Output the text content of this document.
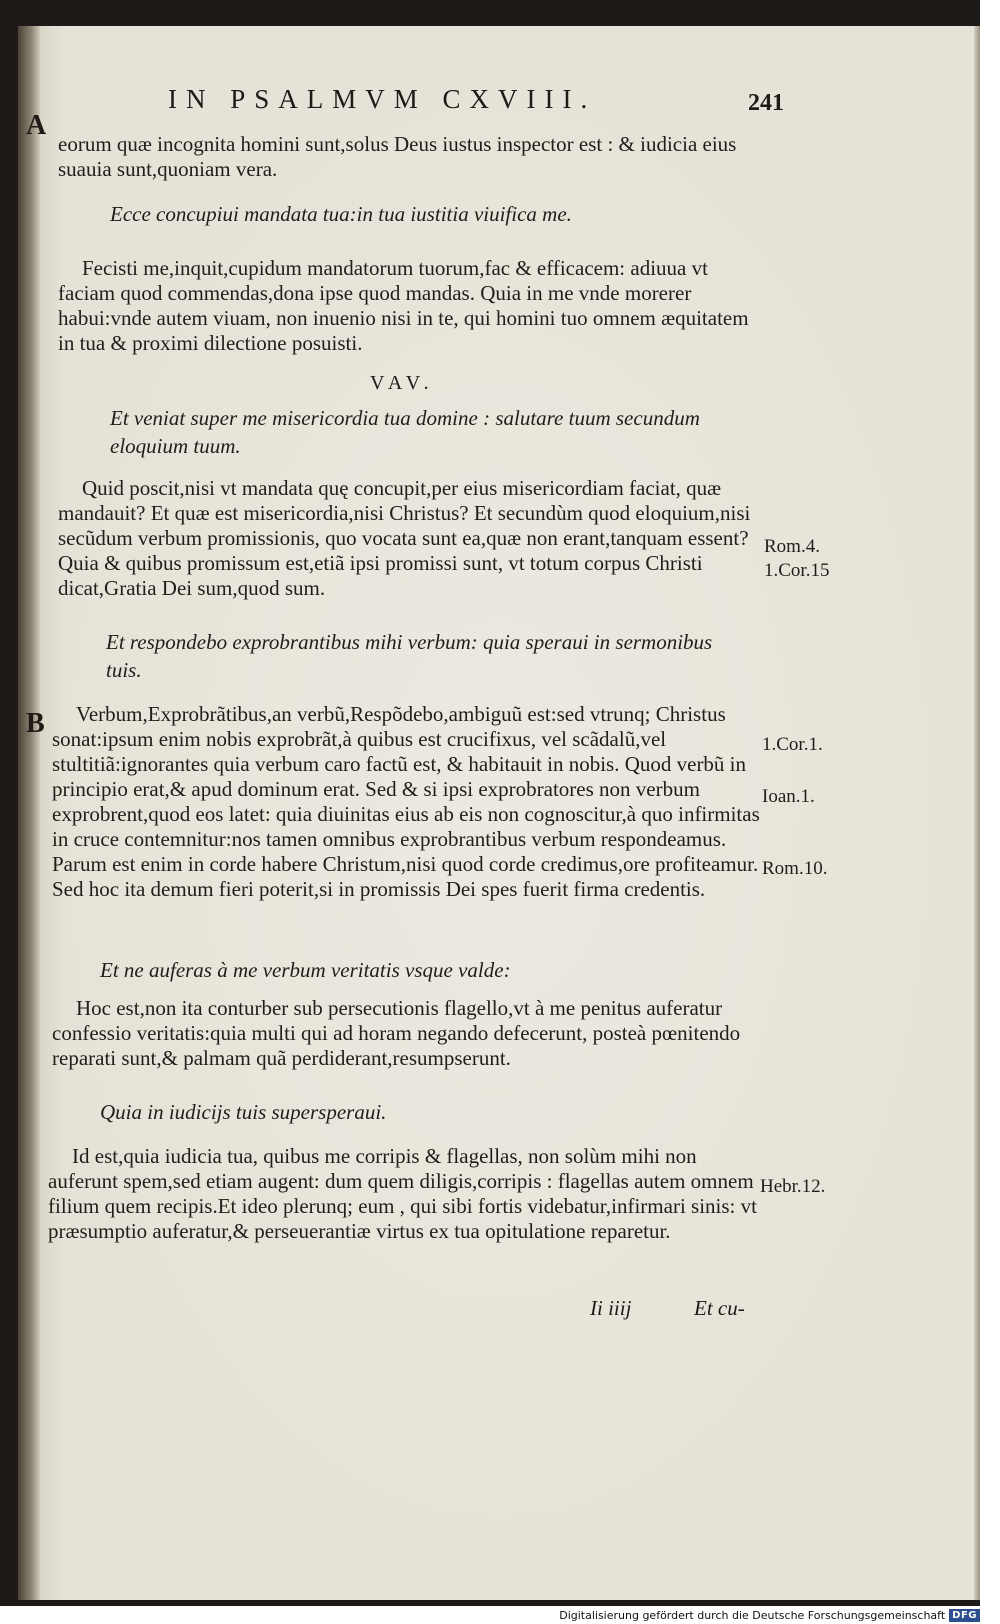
IN PSALMVM CXVIII.	241
A
B
eorum quæ incognita homini sunt,solus Deus iustus inspector est : & iudicia eius suauia sunt,quoniam vera.
Ecce concupiui mandata tua:in tua iustitia viuifica me.
Fecisti me,inquit,cupidum mandatorum tuorum,fac & efficacem: adiuua vt faciam quod commendas,dona ipse quod mandas. Quia in me vnde morerer habui:vnde autem viuam, non inuenio nisi in te, qui homini tuo omnem æquitatem in tua & proximi dilectione posuisti.
VAV.
Et veniat super me misericordia tua domine : salutare tuum secundum eloquium tuum.
Quid poscit,nisi vt mandata quę concupit,per eius misericordiam faciat, quæ mandauit? Et quæ est misericordia,nisi Christus? Et secundùm quod eloquium,nisi secũdum verbum promissionis, quo vocata sunt ea,quæ non erant,tanquam essent? Quia & quibus promissum est,etiã ipsi promissi sunt, vt totum corpus Christi dicat,Gratia Dei sum,quod sum.
Et respondebo exprobrantibus mihi verbum: quia speraui in sermonibus tuis.
Verbum,Exprobrãtibus,an verbũ,Respõdebo,ambiguũ est:sed vtrunq; Christus sonat:ipsum enim nobis exprobrãt,à quibus est crucifixus, vel scãdalũ,vel stultitiã:ignorantes quia verbum caro factũ est, & habitauit in nobis. Quod verbũ in principio erat,& apud dominum erat. Sed & si ipsi exprobratores non verbum exprobrent,quod eos latet: quia diuinitas eius ab eis non cognoscitur,à quo infirmitas in cruce contemnitur:nos tamen omnibus exprobrantibus verbum respondeamus. Parum est enim in corde habere Christum,nisi quod corde credimus,ore profiteamur. Sed hoc ita demum fieri poterit,si in promissis Dei spes fuerit firma credentis.
Et ne auferas à me verbum veritatis vsque valde:
Hoc est,non ita conturber sub persecutionis flagello,vt à me penitus auferatur confessio veritatis:quia multi qui ad horam negando defecerunt, posteà pœnitendo reparati sunt,& palmam quã perdiderant,resumpserunt.
Quia in iudicijs tuis supersperaui.
Id est,quia iudicia tua, quibus me corripis & flagellas, non solùm mihi non auferunt spem,sed etiam augent: dum quem diligis,corripis : flagellas autem omnem filium quem recipis.Et ideo plerunq; eum , qui sibi fortis videbatur,infirmari sinis: vt præsumptio auferatur,& perseuerantiæ virtus ex tua opitulatione reparetur.
Rom.4.
1.Cor.15
1.Cor.1.
Ioan.1.
Rom.10.
Hebr.12.
Ii iiij	Et cu-
Digitalisierung gefördert durch die Deutsche Forschungsgemeinschaft DFG
